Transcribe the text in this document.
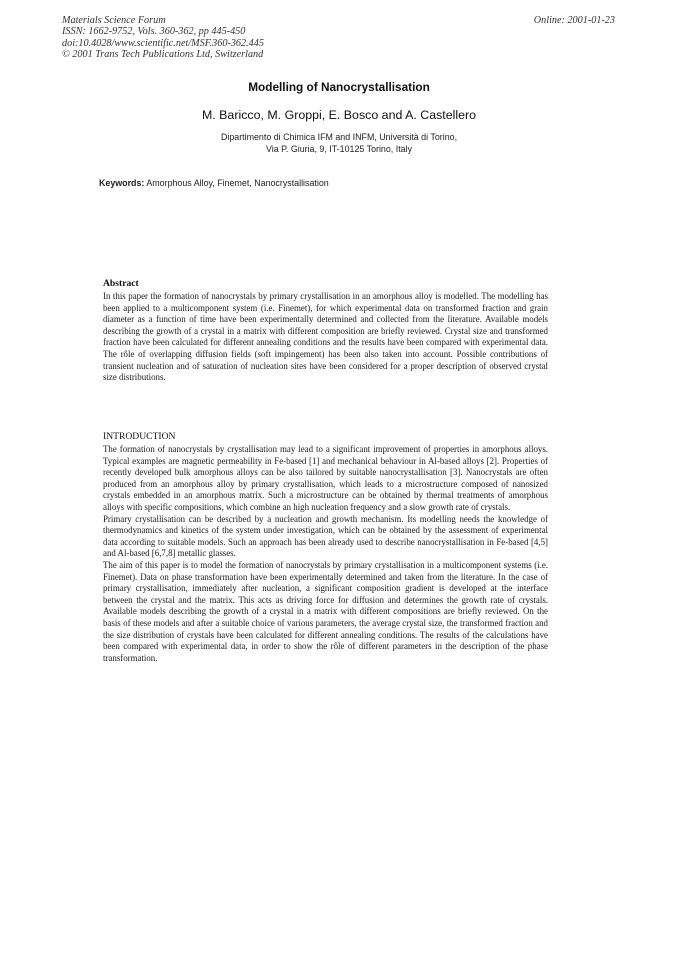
Materials Science Forum
ISSN: 1662-9752, Vols. 360-362, pp 445-450
doi:10.4028/www.scientific.net/MSF.360-362.445
© 2001 Trans Tech Publications Ltd, Switzerland
Online: 2001-01-23
Modelling of Nanocrystallisation
M. Baricco, M. Groppi, E. Bosco and A. Castellero
Dipartimento di Chimica IFM and INFM, Università di Torino,
Via P. Giuria, 9, IT-10125 Torino, Italy
Keywords: Amorphous Alloy, Finemet, Nanocrystallisation
Abstract

In this paper the formation of nanocrystals by primary crystallisation in an amorphous alloy is modelled. The modelling has been applied to a multicomponent system (i.e. Finemet), for which experimental data on transformed fraction and grain diameter as a function of time have been experimentally determined and collected from the literature. Available models describing the growth of a crystal in a matrix with different composition are briefly reviewed. Crystal size and transformed fraction have been calculated for different annealing conditions and the results have been compared with experimental data. The rôle of overlapping diffusion fields (soft impingement) has been also taken into account. Possible contributions of transient nucleation and of saturation of nucleation sites have been considered for a proper description of observed crystal size distributions.

INTRODUCTION

The formation of nanocrystals by crystallisation may lead to a significant improvement of properties in amorphous alloys. Typical examples are magnetic permeability in Fe-based [1] and mechanical behaviour in Al-based alloys [2]. Properties of recently developed bulk amorphous alloys can be also tailored by suitable nanocrystallisation [3]. Nanocrystals are often produced from an amorphous alloy by primary crystallisation, which leads to a microstructure composed of nanosized crystals embedded in an amorphous matrix. Such a microstructure can be obtained by thermal treatments of amorphous alloys with specific compositions, which combine an high nucleation frequency and a slow growth rate of crystals.

Primary crystallisation can be described by a nucleation and growth mechanism. Its modelling needs the knowledge of thermodynamics and kinetics of the system under investigation, which can be obtained by the assessment of experimental data according to suitable models. Such an approach has been already used to describe nanocrystallisation in Fe-based [4,5] and Al-based [6,7,8] metallic glasses.

The aim of this paper is to model the formation of nanocrystals by primary crystallisation in a multicomponent systems (i.e. Finemet). Data on phase transformation have been experimentally determined and taken from the literature. In the case of primary crystallisation, immediately after nucleation, a significant composition gradient is developed at the interface between the crystal and the matrix. This acts as driving force for diffusion and determines the growth rate of crystals. Available models describing the growth of a crystal in a matrix with different compositions are briefly reviewed. On the basis of these models and after a suitable choice of various parameters, the average crystal size, the transformed fraction and the size distribution of crystals have been calculated for different annealing conditions. The results of the calculations have been compared with experimental data, in order to show the rôle of different parameters in the description of the phase transformation.
